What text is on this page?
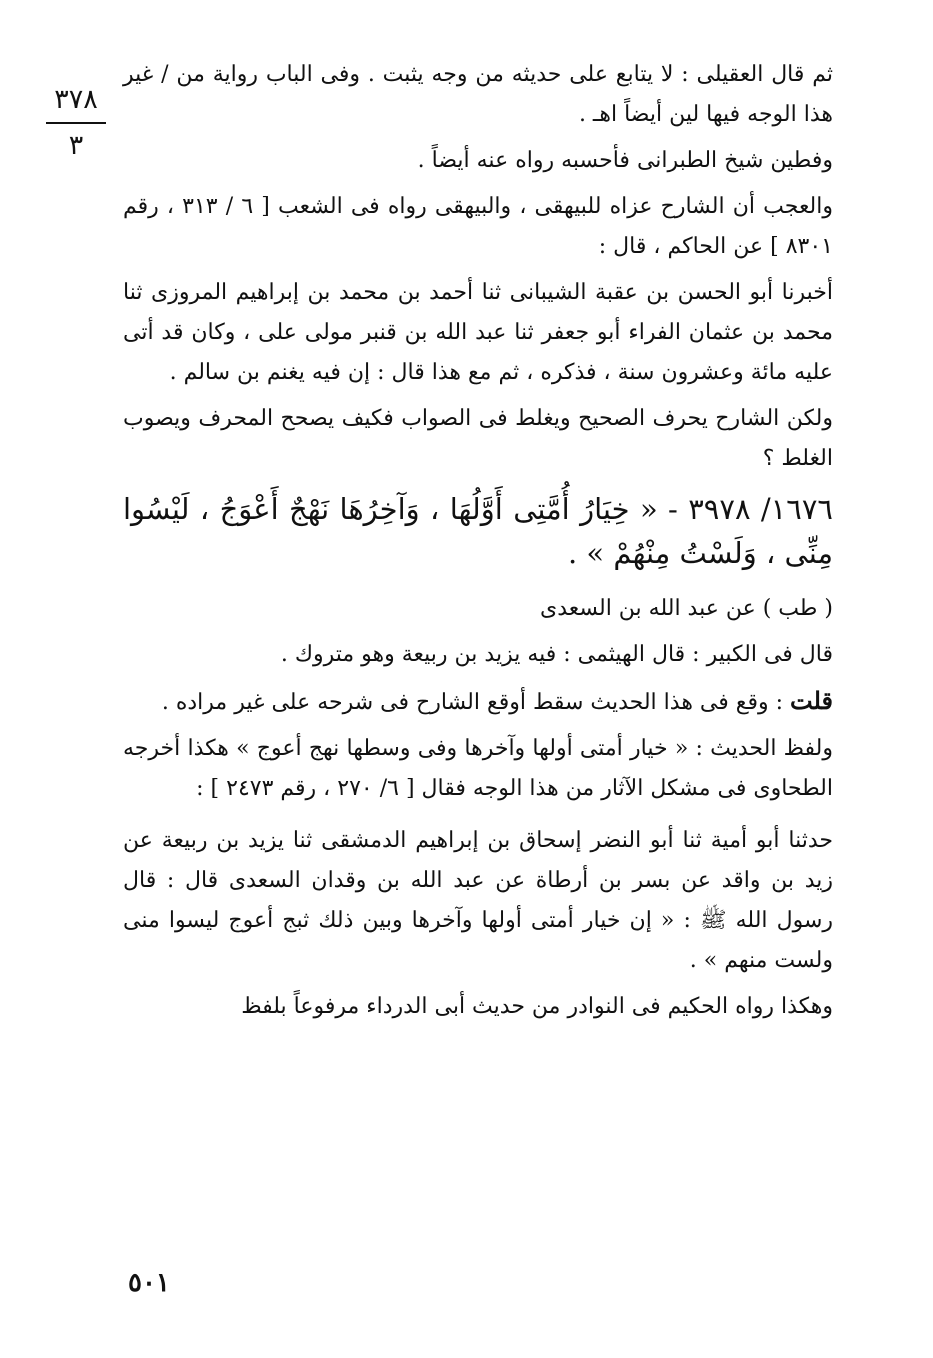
٣٧٨
٣

ثم قال العقيلى : لا يتابع على حديثه من وجه يثبت . وفى الباب رواية من / غير هذا الوجه فيها لين أيضاً اهـ .

وفطين شيخ الطبرانى فأحسبه رواه عنه أيضاً .

والعجب أن الشارح عزاه للبيهقى ، والبيهقى رواه فى الشعب [ ٦ / ٣١٣ ، رقم ٨٣٠١ ] عن الحاكم ، قال :

أخبرنا أبو الحسن بن عقبة الشيبانى ثنا أحمد بن محمد بن إبراهيم المروزى ثنا محمد بن عثمان الفراء أبو جعفر ثنا عبد الله بن قنبر مولى على ، وكان قد أتى عليه مائة وعشرون سنة ، فذكره ، ثم مع هذا قال : إن فيه يغنم بن سالم .

ولكن الشارح يحرف الصحيح ويغلط فى الصواب فكيف يصحح المحرف ويصوب الغلط ؟

١٦٧٦/ ٣٩٧٨ - « خِيَارُ أُمَّتِى أَوَّلُهَا ، وَآخِرُهَا نَهْجٌ أَعْوَجُ ، لَيْسُوا مِنِّى ، وَلَسْتُ مِنْهُمْ » .

( طب ) عن عبد الله بن السعدى

قال فى الكبير : قال الهيثمى : فيه يزيد بن ربيعة وهو متروك .

قلت : وقع فى هذا الحديث سقط أوقع الشارح فى شرحه على غير مراده .

ولفظ الحديث : « خيار أمتى أولها وآخرها وفى وسطها نهج أعوج » هكذا أخرجه الطحاوى فى مشكل الآثار من هذا الوجه فقال [ ٦/ ٢٧٠ ، رقم ٢٤٧٣ ] :

حدثنا أبو أمية ثنا أبو النضر إسحاق بن إبراهيم الدمشقى ثنا يزيد بن ربيعة عن زيد بن واقد عن بسر بن أرطاة عن عبد الله بن وقدان السعدى قال : قال رسول الله ﷺ : « إن خيار أمتى أولها وآخرها وبين ذلك ثبج أعوج ليسوا منى ولست منهم » .

وهكذا رواه الحكيم فى النوادر من حديث أبى الدرداء مرفوعاً بلفظ

٥٠١
